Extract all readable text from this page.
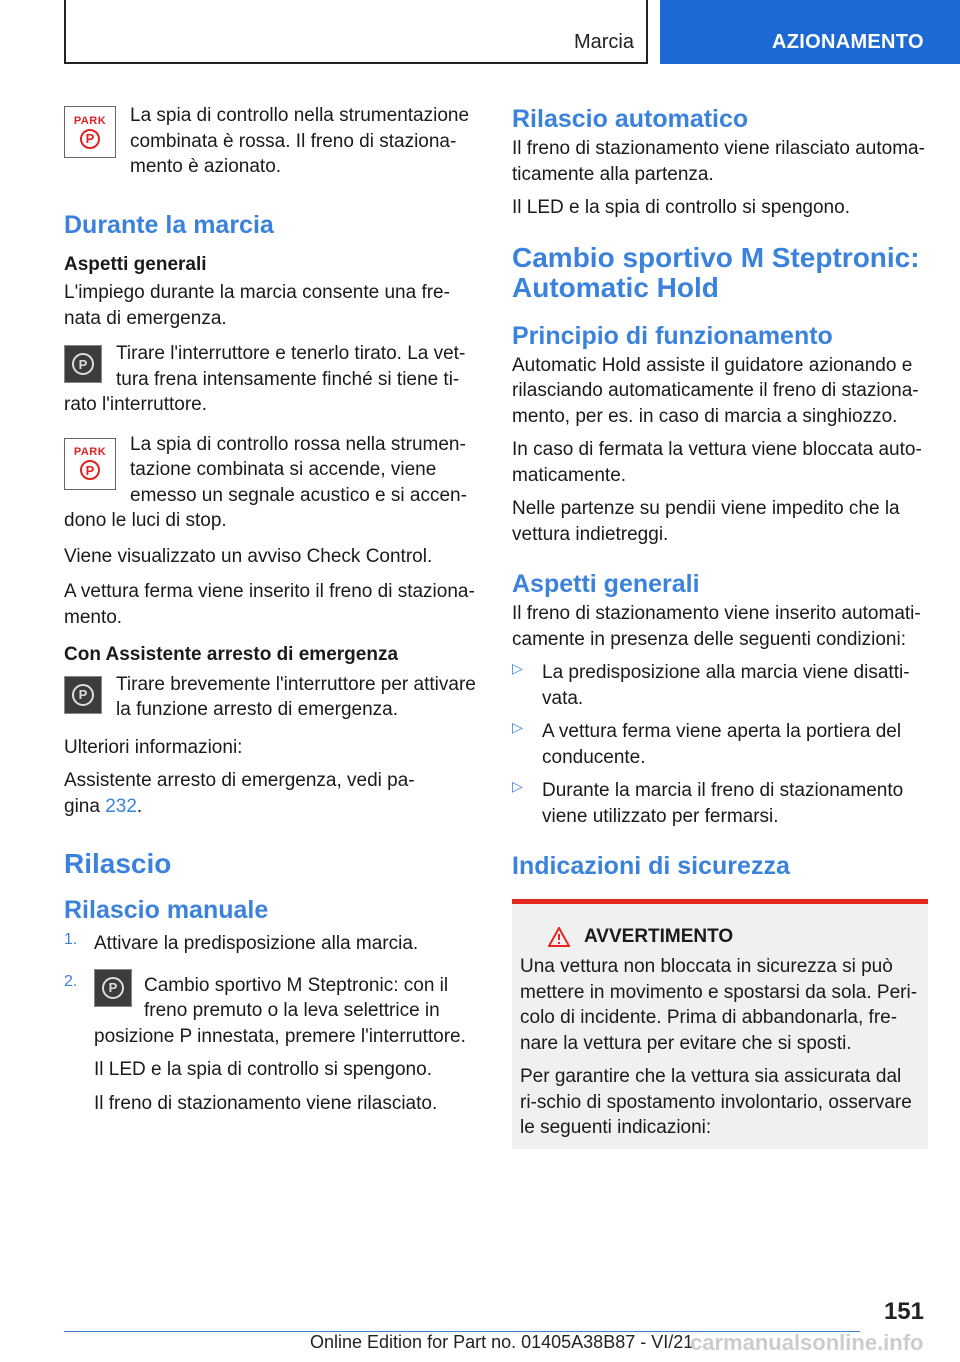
Marcia	AZIONAMENTO
PARK
P

La spia di controllo nella strumentazione combinata è rossa. Il freno di staziona-mento è azionato.

Durante la marcia

Aspetti generali

L'impiego durante la marcia consente una fre-nata di emergenza.

P	Tirare l'interruttore e tenerlo tirato. La vet-tura frena intensamente finché si tiene ti-rato l'interruttore.

PARK
P

La spia di controllo rossa nella strumen-tazione combinata si accende, viene emesso un segnale acustico e si accen-dono le luci di stop.

Viene visualizzato un avviso Check Control.

A vettura ferma viene inserito il freno di staziona-mento.

Con Assistente arresto di emergenza

P	Tirare brevemente l'interruttore per attivare la funzione arresto di emergenza.

Ulteriori informazioni:

Assistente arresto di emergenza, vedi pa-gina 232.

Rilascio

Rilascio manuale

1. Attivare la predisposizione alla marcia.

2.	P	Cambio sportivo M Steptronic: con il freno premuto o la leva selettrice in posizione P innestata, premere l'interruttore.

Il LED e la spia di controllo si spengono.

Il freno di stazionamento viene rilasciato.

Rilascio automatico

Il freno di stazionamento viene rilasciato automa-ticamente alla partenza.

Il LED e la spia di controllo si spengono.

Cambio sportivo M Steptronic: Automatic Hold

Principio di funzionamento

Automatic Hold assiste il guidatore azionando e rilasciando automaticamente il freno di staziona-mento, per es. in caso di marcia a singhiozzo.

In caso di fermata la vettura viene bloccata auto-maticamente.

Nelle partenze su pendii viene impedito che la vettura indietreggi.

Aspetti generali

Il freno di stazionamento viene inserito automati-camente in presenza delle seguenti condizioni:

▷	La predisposizione alla marcia viene disatti-vata.

▷	A vettura ferma viene aperta la portiera del conducente.

▷	Durante la marcia il freno di stazionamento viene utilizzato per fermarsi.

Indicazioni di sicurezza

AVVERTIMENTO

Una vettura non bloccata in sicurezza si può mettere in movimento e spostarsi da sola. Peri-colo di incidente. Prima di abbandonarla, fre-nare la vettura per evitare che si sposti.

Per garantire che la vettura sia assicurata dal ri-schio di spostamento involontario, osservare le seguenti indicazioni:

151
Online Edition for Part no. 01405A38B87 - VI/21
carmanualsonline.info
